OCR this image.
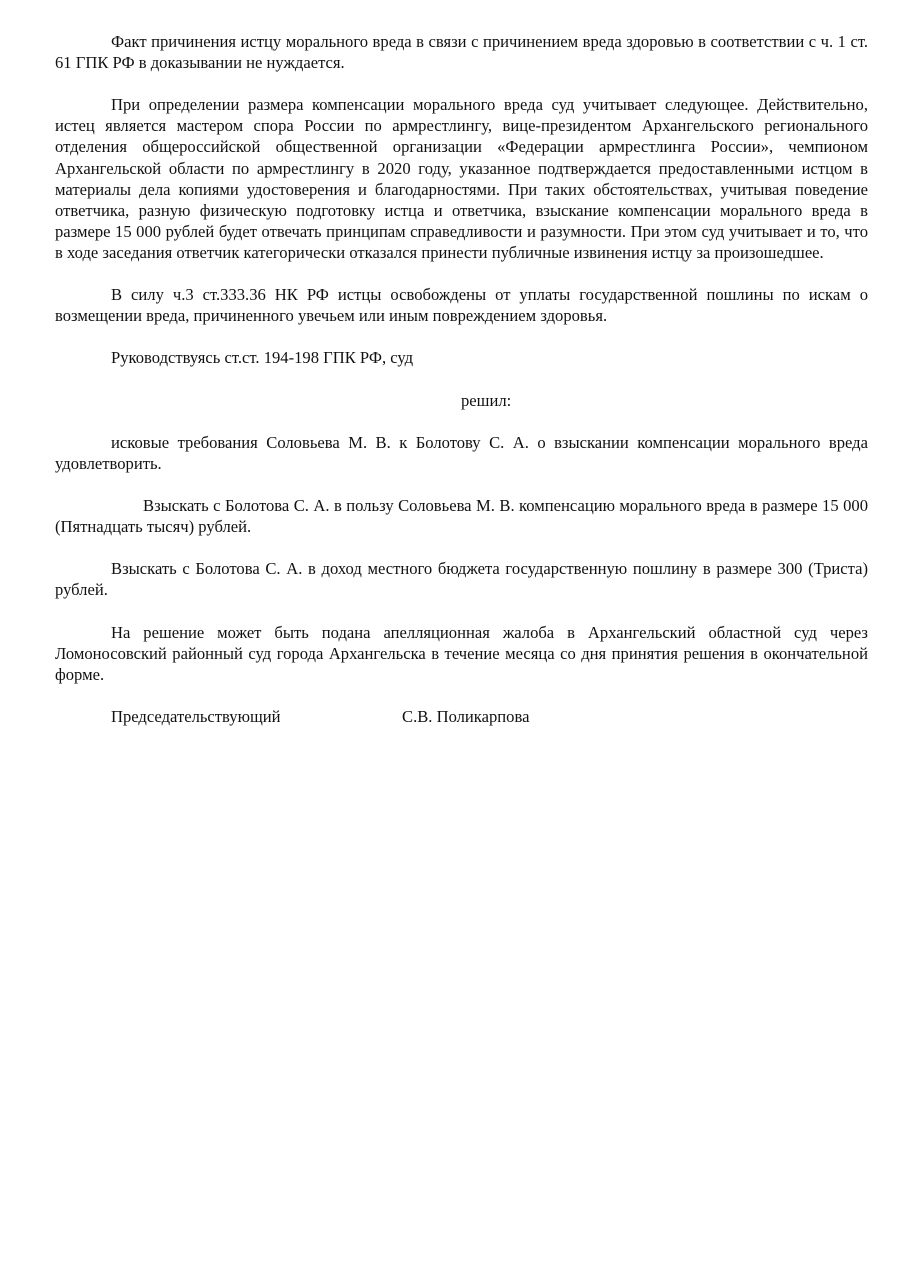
Факт причинения истцу морального вреда в связи с причинением вреда здоровью в соответствии с ч. 1 ст. 61 ГПК РФ в доказывании не нуждается.

При определении размера компенсации морального вреда суд учитывает следующее. Действительно, истец является мастером спора России по армрестлингу, вице-президентом Архангельского регионального отделения общероссийской общественной организации «Федерации армрестлинга России», чемпионом Архангельской области по армрестлингу в 2020 году, указанное подтверждается предоставленными истцом в материалы дела копиями удостоверения и благодарностями. При таких обстоятельствах, учитывая поведение ответчика, разную физическую подготовку истца и ответчика, взыскание компенсации морального вреда в размере 15 000 рублей будет отвечать принципам справедливости и разумности. При этом суд учитывает и то, что в ходе заседания ответчик категорически отказался принести публичные извинения истцу за произошедшее.

В силу ч.3 ст.333.36 НК РФ истцы освобождены от уплаты государственной пошлины по искам о возмещении вреда, причиненного увечьем или иным повреждением здоровья.

Руководствуясь ст.ст. 194-198 ГПК РФ, суд

решил:

исковые требования Соловьева М. В. к Болотову С. А. о взыскании компенсации морального вреда удовлетворить.

Взыскать с Болотова С. А. в пользу Соловьева М. В. компенсацию морального вреда в размере 15 000 (Пятнадцать тысяч) рублей.

Взыскать с Болотова С. А. в доход местного бюджета государственную пошлину в размере 300 (Триста) рублей.

На решение может быть подана апелляционная жалоба в Архангельский областной суд через Ломоносовский районный суд города Архангельска в течение месяца со дня принятия решения в окончательной форме.

Председательствующий	С.В. Поликарпова
